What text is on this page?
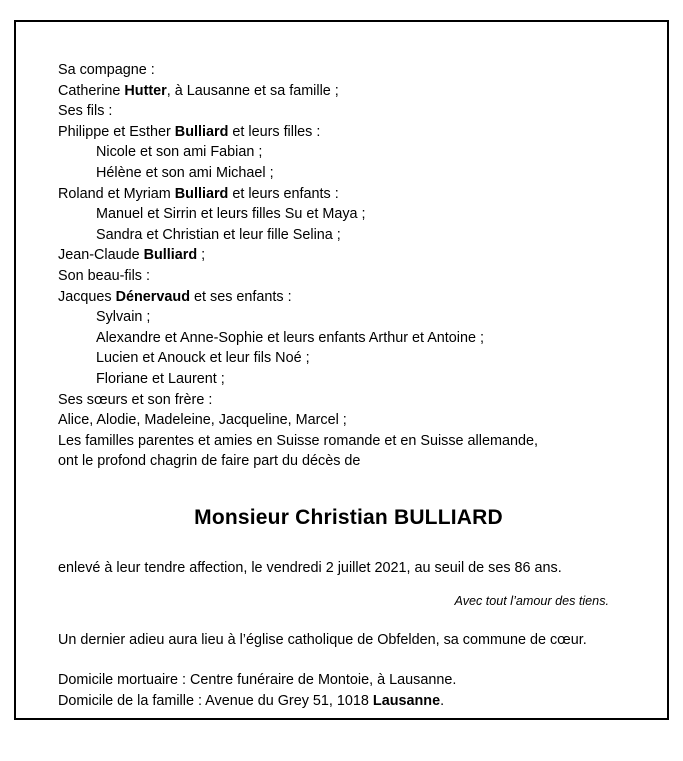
Sa compagne :
Catherine Hutter, à Lausanne et sa famille ;
Ses fils :
Philippe et Esther Bulliard et leurs filles :
Nicole et son ami Fabian ;
Hélène et son ami Michael ;
Roland et Myriam Bulliard et leurs enfants :
Manuel et Sirrin et leurs filles Su et Maya ;
Sandra et Christian et leur fille Selina ;
Jean-Claude Bulliard ;
Son beau-fils :
Jacques Dénervaud et ses enfants :
Sylvain ;
Alexandre et Anne-Sophie et leurs enfants Arthur et Antoine ;
Lucien et Anouck et leur fils Noé ;
Floriane et Laurent ;
Ses sœurs et son frère :
Alice, Alodie, Madeleine, Jacqueline, Marcel ;
Les familles parentes et amies en Suisse romande et en Suisse allemande,
ont le profond chagrin de faire part du décès de
Monsieur Christian BULLIARD
enlevé à leur tendre affection, le vendredi 2 juillet 2021, au seuil de ses 86 ans.
Avec tout l’amour des tiens.
Un dernier adieu aura lieu à l’église catholique de Obfelden, sa commune de cœur.
Domicile mortuaire : Centre funéraire de Montoie, à Lausanne.
Domicile de la famille : Avenue du Grey 51, 1018 Lausanne.
